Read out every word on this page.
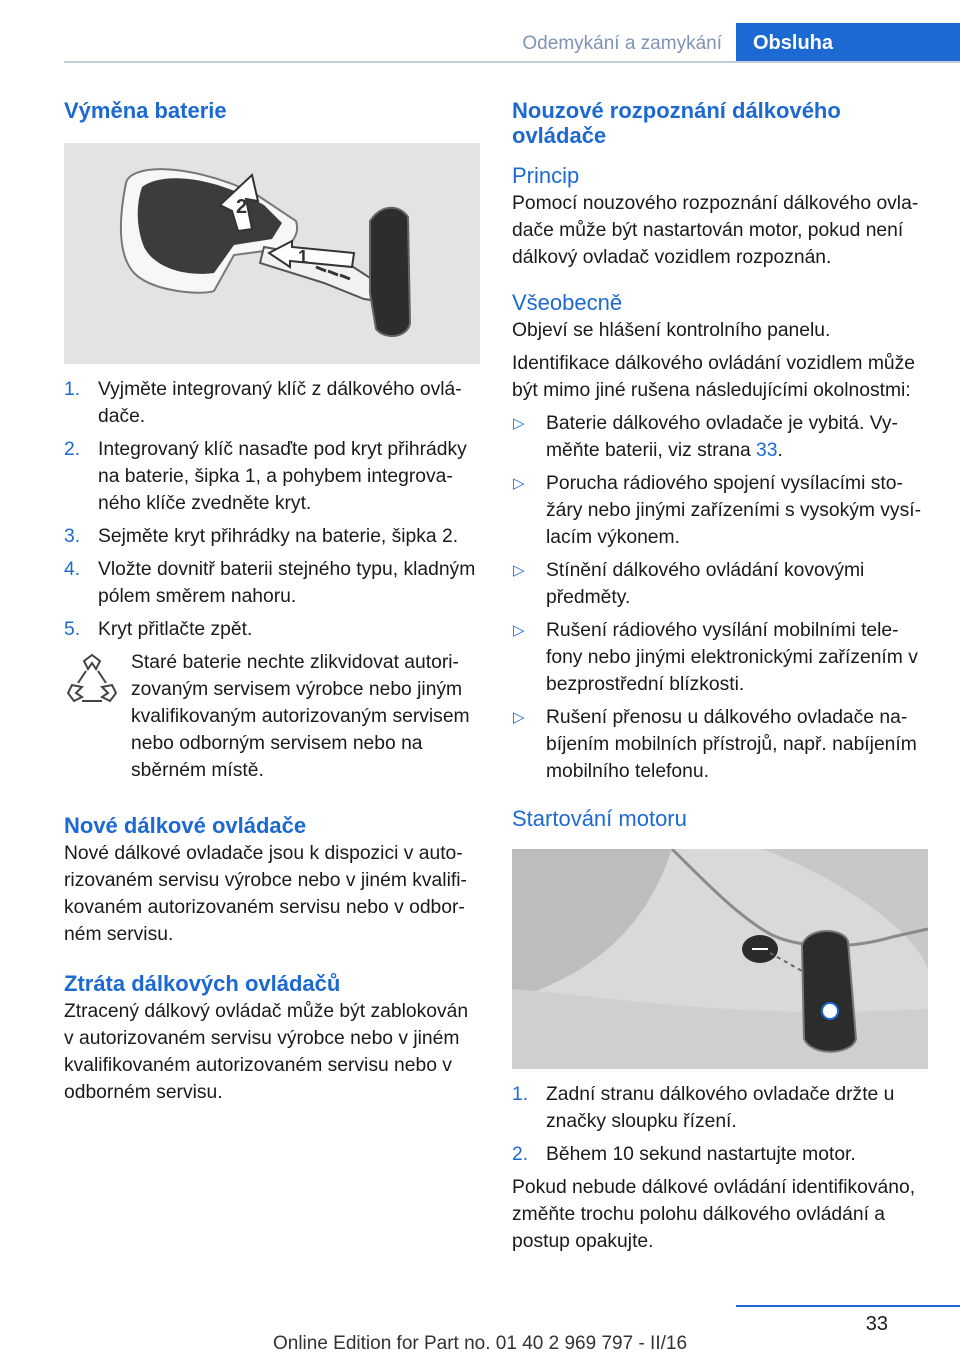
Odemykání a zamykání	Obsluha
Výměna baterie
2
1
1. Vyjměte integrovaný klíč z dálkového ovládače.
2. Integrovaný klíč nasaďte pod kryt přihrádky na baterie, šipka 1, a pohybem integrovaného klíče zvedněte kryt.
3. Sejměte kryt přihrádky na baterie, šipka 2.
4. Vložte dovnitř baterii stejného typu, kladným pólem směrem nahoru.
5. Kryt přitlačte zpět.

Staré baterie nechte zlikvidovat autorizovaným servisem výrobce nebo jiným kvalifikovaným autorizovaným servisem nebo odborným servisem nebo na sběrném místě.

Nové dálkové ovládače

Nové dálkové ovladače jsou k dispozici v autorizovaném servisu výrobce nebo v jiném kvalifikovaném autorizovaném servisu nebo v odborném servisu.

Ztráta dálkových ovládačů

Ztracený dálkový ovládač může být zablokován v autorizovaném servisu výrobce nebo v jiném kvalifikovaném autorizovaném servisu nebo v odborném servisu.

Nouzové rozpoznání dálkového ovládače
Princip

Pomocí nouzového rozpoznání dálkového ovladače může být nastartován motor, pokud není dálkový ovladač vozidlem rozpoznán.

Všeobecně

Objeví se hlášení kontrolního panelu.

Identifikace dálkového ovládání vozidlem může být mimo jiné rušena následujícími okolnostmi:

▷ Baterie dálkového ovladače je vybitá. Vyměňte baterii, viz strana 33.
▷ Porucha rádiového spojení vysílacími stožáry nebo jinými zařízeními s vysokým vysílacím výkonem.
▷ Stínění dálkového ovládání kovovými předměty.
▷ Rušení rádiového vysílání mobilními telefony nebo jinými elektronickými zařízením v bezprostřední blízkosti.
▷ Rušení přenosu u dálkového ovladače nabíjením mobilních přístrojů, např. nabíjením mobilního telefonu.
Startování motoru
1. Zadní stranu dálkového ovladače držte u značky sloupku řízení.
2. Během 10 sekund nastartujte motor.

Pokud nebude dálkové ovládání identifikováno, změňte trochu polohu dálkového ovládání a postup opakujte.

33
Online Edition for Part no. 01 40 2 969 797 - II/16
